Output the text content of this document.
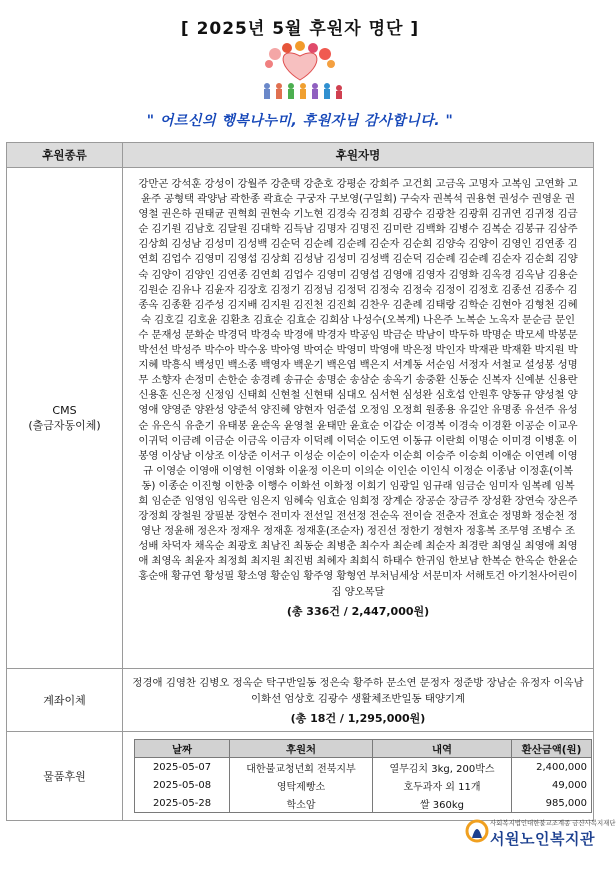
[ 2025년 5월 후원자 명단 ]
" 어르신의 행복나누미, 후원자님 감사합니다. "
후원종류	후원자명

CMS
(출금자동이체)

강만곤 강석훈 강성이 강월주 강춘택 강춘호 강평순 강희주 고건희 고금옥 고명자 고복임 고연화 고윤주 공형택 곽양남 곽한종 곽효순 구궁자 구보영(구일회) 구숙자 권복석 권용현 권성수 권영운 권영철 권은하 권태균 권혁희 권현숙 기노현 김경숙 김경희 김광수 김광찬 김광휘 김귀연 김귀정 김금순 김기원 김남호 김달원 김대학 김득남 김명자 김명진 김미란 김백화 김병수 김복순 김봉규 김삼주 김상희 김성남 김성미 김성백 김순덕 김순례 김순례 김순자 김순희 김양숙 김양이 김영인 김연종 김연희 김업수 김영미 김영섭 김상희 김성남 김성미 김성백 김순덕 김순례 김순례 김순자 김순희 김양숙 김양이 김양인 김연종 김연희 김업수 김영미 김영섭 김영애 김영자 김영화 김옥경 김옥남 김용순 김원순 김유나 김윤자 김장호 김정기 김정님 김정덕 김정숙 김정숙 김정이 김정호 김종선 김종수 김종옥 김종환 김주성 김지배 김지원 김진천 김진희 김찬우 김춘례 김태랑 김학순 김현아 김형천 김혜숙 김호길 김호윤 김환초 김효순 김효순 김희삼 나성수(오복계) 나은주 노복순 노옥자 문순금 문인수 문재성 문화순 박경덕 박경숙 박경애 박경자 박공임 박금순 박남이 박두하 박명순 박모세 박봉문 박선선 박성주 박수아 박수옹 박아영 박여순 박영미 박영애 박은정 박인자 박재관 박재환 박지원 박지혜 박흥식 백성민 백소종 백영자 백운기 백은엽 백은지 서계동 서순임 서정자 서철교 설성봉 성명무 소향자 손정미 손한순 송경례 송규순 송명순 송삼순 송옥기 송중환 신동순 신복자 신예분 신용란 신용훈 신은정 신정임 신태희 신현철 신현태 심대오 심서현 심성완 심호섭 안원후 양동규 양성철 양영애 양영준 양완성 양준석 양진혜 양현자 엄준섭 오정임 오정희 원종용 유길안 유명종 유선주 유성순 유은식 유춘기 유태봉 윤순옥 윤영철 윤태만 윤효순 이갑순 이경복 이경숙 이경환 이공순 이교우 이귀덕 이금례 이금순 이금옥 이금자 이덕례 이덕순 이도연 이동규 이란희 이명순 이미경 이병훈 이봉영 이상남 이상조 이상준 이서구 이성순 이순이 이순자 이순희 이승주 이승희 이애순 이연례 이영규 이영순 이영애 이영헌 이영화 이윤정 이은미 이의순 이인순 이인식 이정순 이종남 이정훈(이복동) 이종순 이진형 이한충 이행수 이화선 이화정 이희기 임광일 임규래 임금순 임미자 임복례 임복희 임순준 임영임 임옥란 임은지 임혜숙 임효순 임희정 장계순 장공순 장금주 장성환 장연숙 장은주 장정희 장철원 장필분 장현수 전미자 전선일 전선정 전순옥 전이슬 전춘자 전효순 정명화 정순천 정영난 정윤해 정은자 정재우 정재훈 정재훈(조순자) 정진선 정한기 정현자 정홍복 조무영 조병수 조성배 차덕자 채옥순 최광호 최남진 최동순 최병춘 최수자 최순례 최순자 최경란 최영실 최영애 최영애 최영옥 최윤자 최정희 최지원 최진범 최혜자 최희식 하태수 한귀임 한보남 한복순 한옥순 한윤순 홍순애 황규연 황성필 황소영 황순임 황주영 황형연 부처님세상 서문미자 서해토건 아기천사어린이집 양오목달
(총 336건 / 2,447,000원)

계좌이체	
정경애 김영찬 김병오 정옥순 탁구반일동 정은숙 황주하 문소연 문정자 정준방 장남순 유정자 이옥남 이화선 엄상호 김광수 생활체조반일동 태양기계
(총 18건 / 1,295,000원)

물품후원	
날짜	후원처	내역	환산금액(원)
2025-05-07	대한불교청년회 전북지부	열무김치 3kg, 200박스	2,400,000
2025-05-08	영탁제빵소	호두과자 외 11개	49,000
2025-05-28	학소암	쌀 360kg	985,000
사회복지법인대한불교조계종 금산사복지재단
서원노인복지관
